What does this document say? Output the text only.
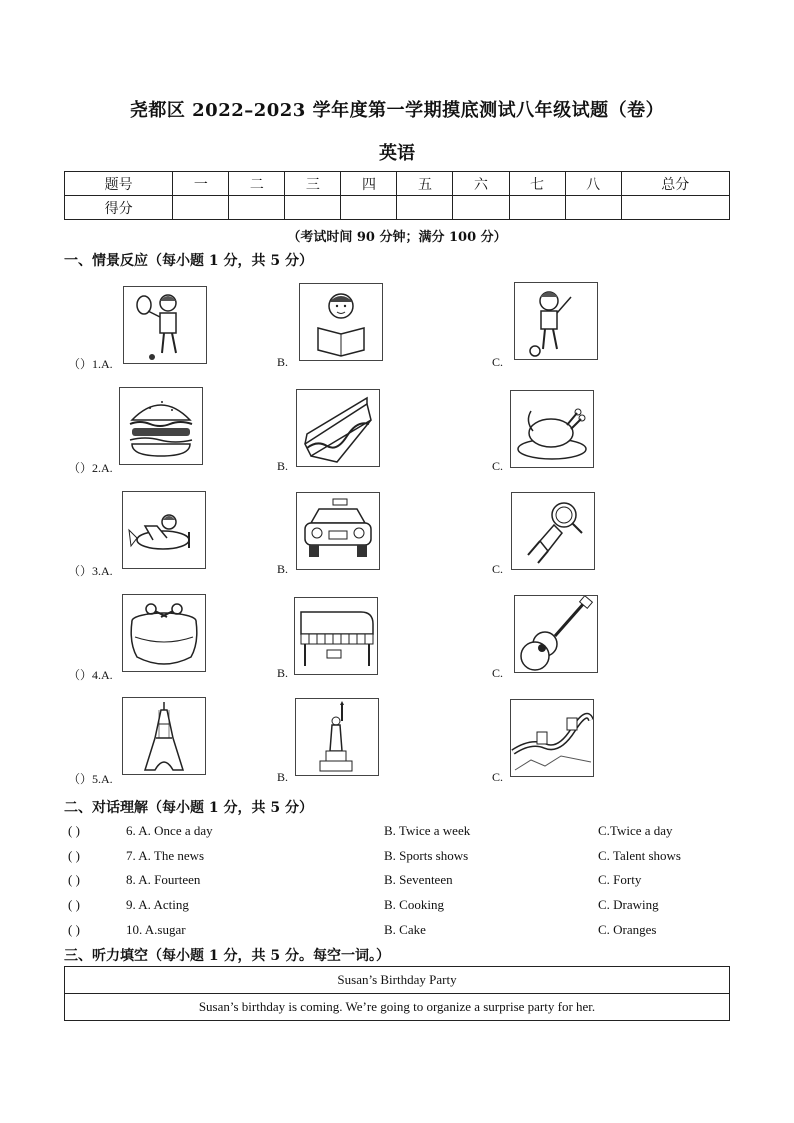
尧都区 2022–2023 学年度第一学期摸底测试八年级试题（卷）
英语
题号	一	二	三	四	五	六	七	八	总分
得分									
（考试时间 90 分钟；满分 100 分）
一、情景反应（每小题 1 分，共 5 分）
（）1.A.	B.	C.
（）2.A.	B.	C.
（）3.A.	B.	C.
（）4.A.	B.	C.
（）5.A.	B.	C.
二、对话理解（每小题 1 分，共 5 分）
( )	6. A. Once a day	B. Twice a week	C.Twice a day
( )	7. A. The news	B. Sports shows	C. Talent shows
( )	8. A. Fourteen	B. Seventeen	C. Forty
( )	9. A. Acting	B. Cooking	C. Drawing
( )	10. A.sugar	B. Cake	C. Oranges
三、听力填空（每小题 1 分，共 5 分。每空一词。）
Susan’s Birthday Party
Susan’s birthday is coming. We’re going to organize a surprise party for her.
